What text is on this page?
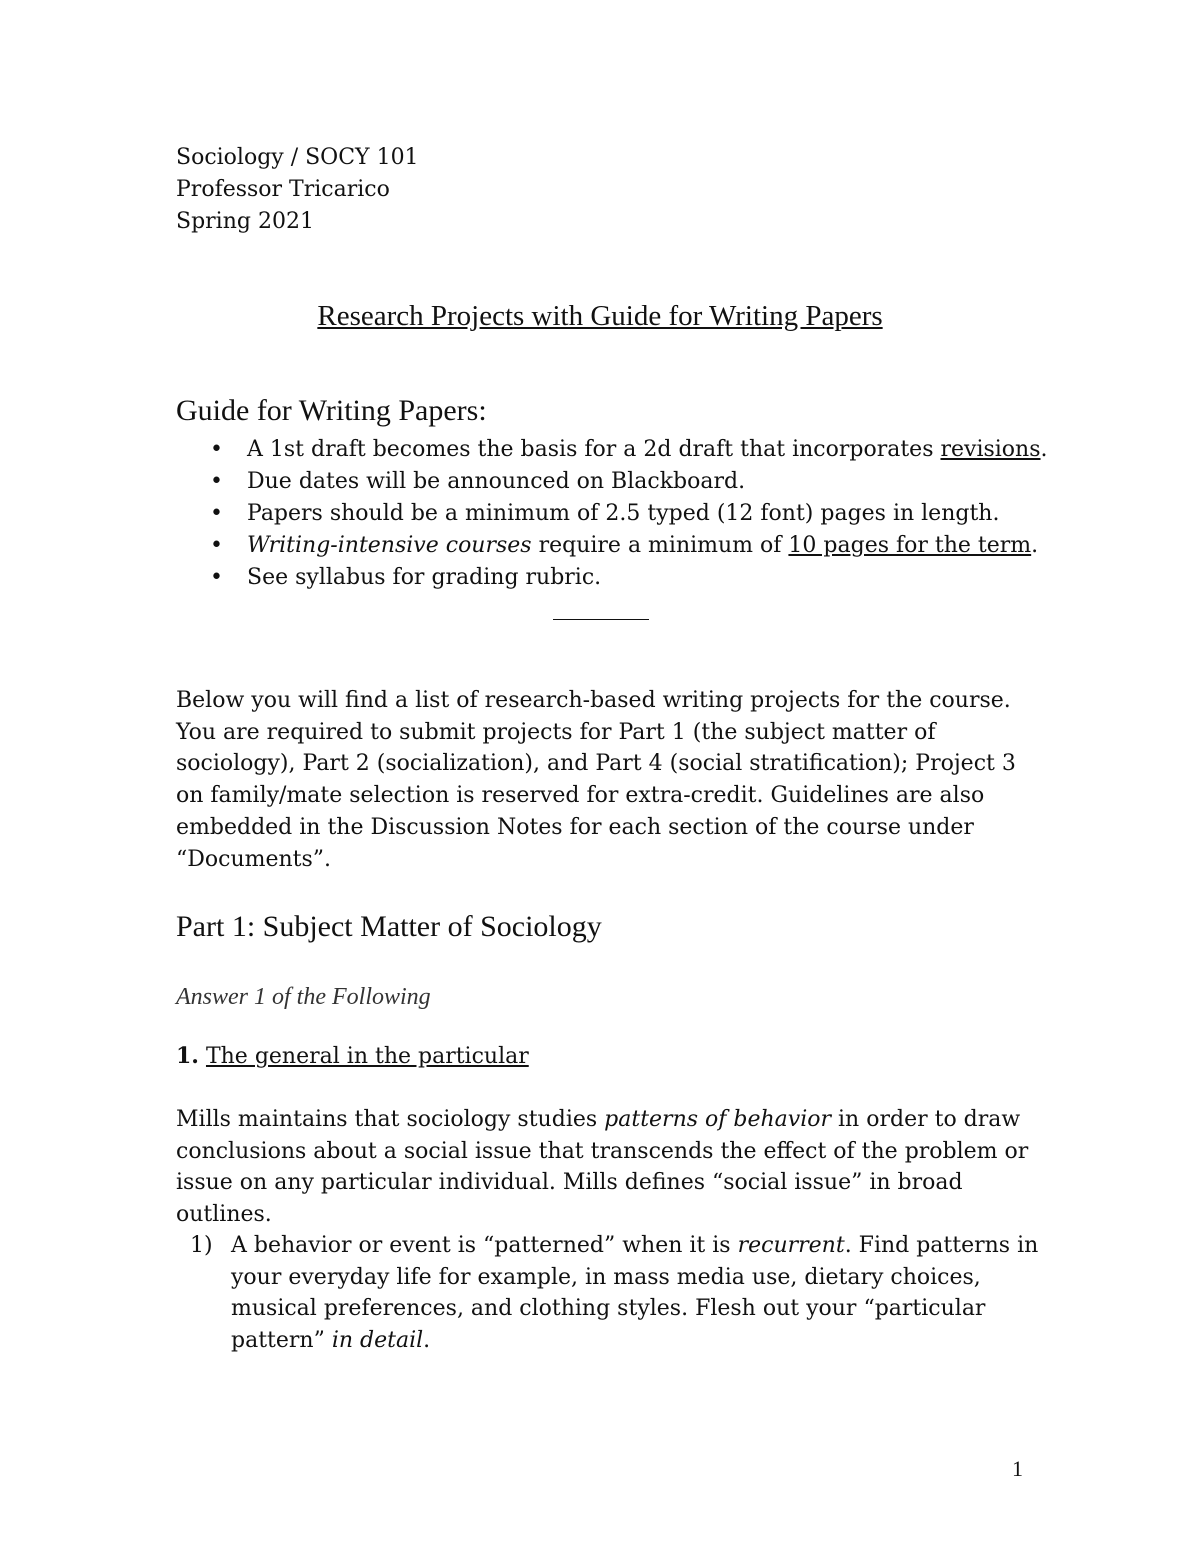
Sociology / SOCY 101
Professor Tricarico
Spring 2021
Research Projects with Guide for Writing Papers
Guide for Writing Papers:
• A 1st draft becomes the basis for a 2d draft that incorporates revisions.
• Due dates will be announced on Blackboard.
• Papers should be a minimum of 2.5 typed (12 font) pages in length.
• Writing-intensive courses require a minimum of 10 pages for the term.
• See syllabus for grading rubric.
Below you will find a list of research-based writing projects for the course.
You are required to submit projects for Part 1 (the subject matter of
sociology), Part 2 (socialization), and Part 4 (social stratification); Project 3
on family/mate selection is reserved for extra-credit. Guidelines are also
embedded in the Discussion Notes for each section of the course under
“Documents”.
Part 1: Subject Matter of Sociology
Answer 1 of the Following
1. The general in the particular
Mills maintains that sociology studies patterns of behavior in order to draw
conclusions about a social issue that transcends the effect of the problem or
issue on any particular individual. Mills defines “social issue” in broad
outlines.
1) A behavior or event is “patterned” when it is recurrent. Find patterns in
your everyday life for example, in mass media use, dietary choices,
musical preferences, and clothing styles. Flesh out your “particular
pattern” in detail.
1
